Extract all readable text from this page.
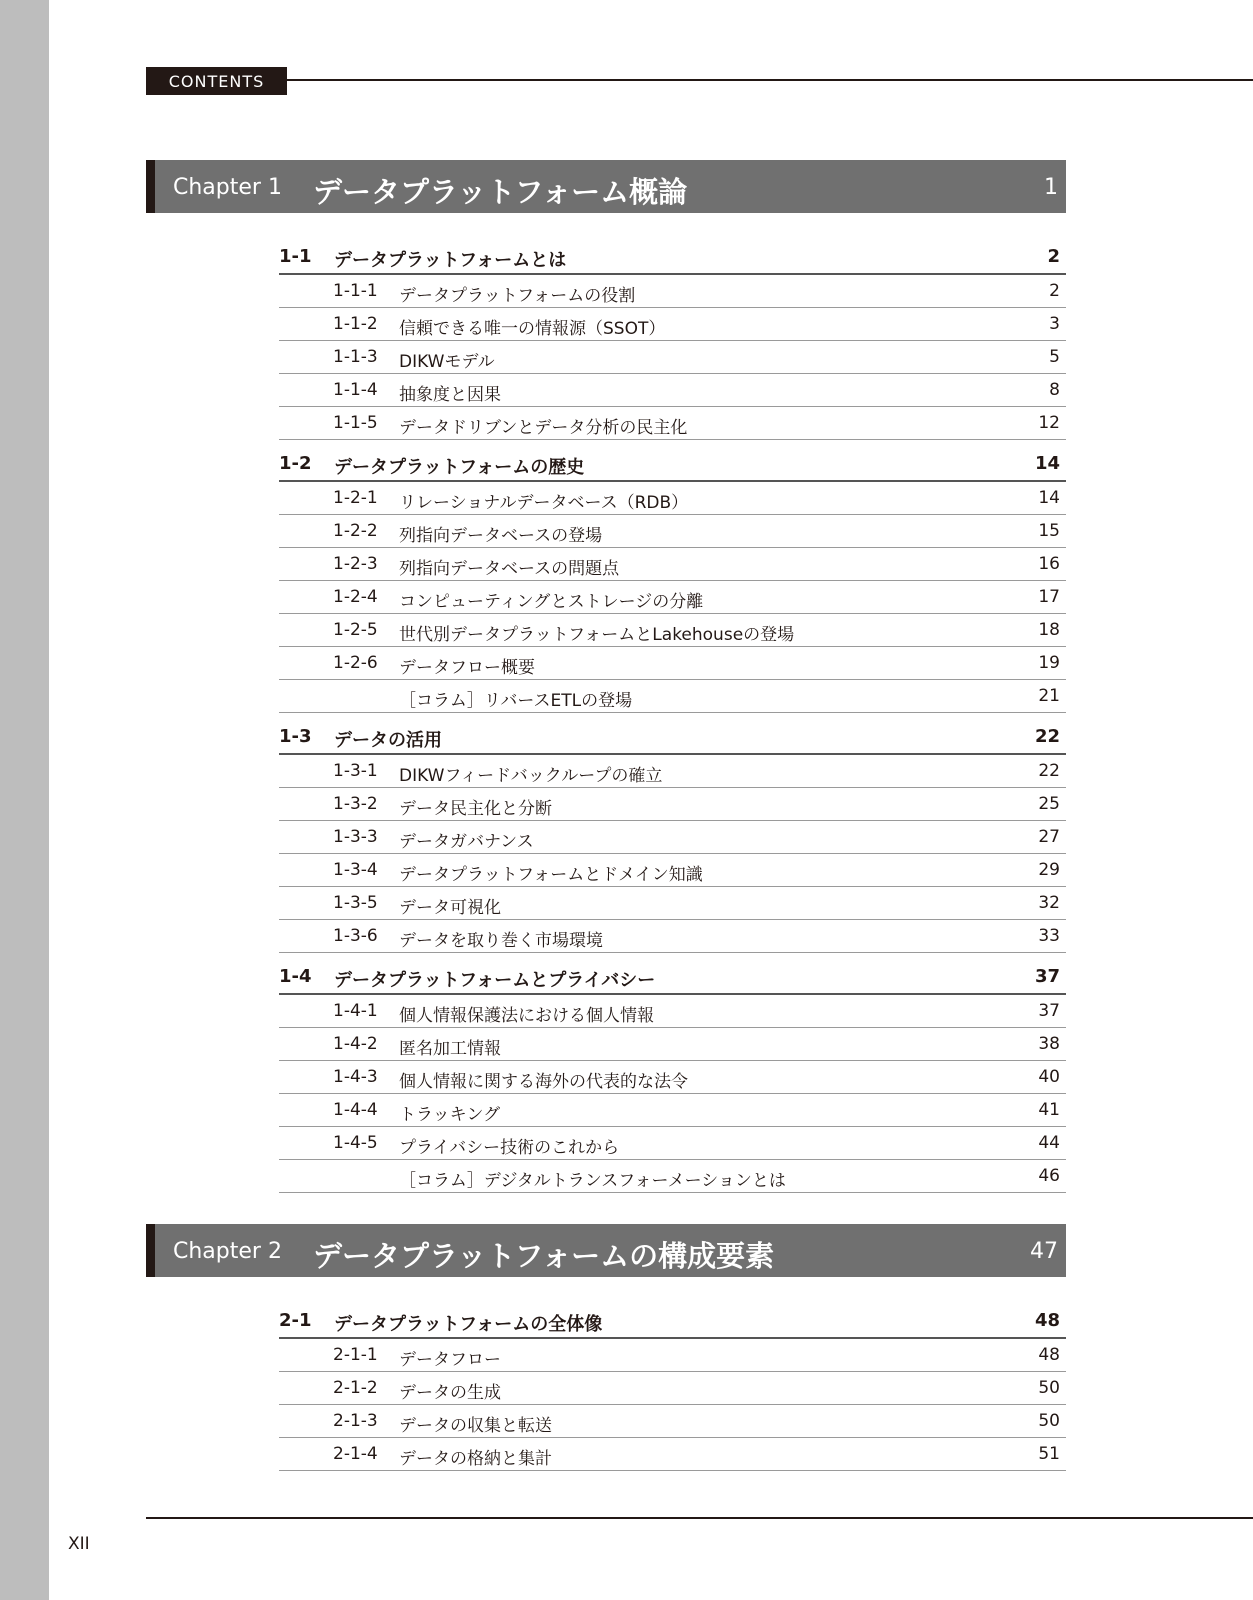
CONTENTS
Chapter 1 データプラットフォーム概論	1
1-1 データプラットフォームとは	2
1-1-1 データプラットフォームの役割	2
1-1-2 信頼できる唯一の情報源（SSOT）	3
1-1-3 DIKWモデル	5
1-1-4 抽象度と因果	8
1-1-5 データドリブンとデータ分析の民主化	12
1-2 データプラットフォームの歴史	14
1-2-1 リレーショナルデータベース（RDB）	14
1-2-2 列指向データベースの登場	15
1-2-3 列指向データベースの問題点	16
1-2-4 コンピューティングとストレージの分離	17
1-2-5 世代別データプラットフォームとLakehouseの登場	18
1-2-6 データフロー概要	19
［コラム］リバースETLの登場	21
1-3 データの活用	22
1-3-1 DIKWフィードバックループの確立	22
1-3-2 データ民主化と分断	25
1-3-3 データガバナンス	27
1-3-4 データプラットフォームとドメイン知識	29
1-3-5 データ可視化	32
1-3-6 データを取り巻く市場環境	33
1-4 データプラットフォームとプライバシー	37
1-4-1 個人情報保護法における個人情報	37
1-4-2 匿名加工情報	38
1-4-3 個人情報に関する海外の代表的な法令	40
1-4-4 トラッキング	41
1-4-5 プライバシー技術のこれから	44
［コラム］デジタルトランスフォーメーションとは	46
Chapter 2 データプラットフォームの構成要素	47
2-1 データプラットフォームの全体像	48
2-1-1 データフロー	48
2-1-2 データの生成	50
2-1-3 データの収集と転送	50
2-1-4 データの格納と集計	51
XII
